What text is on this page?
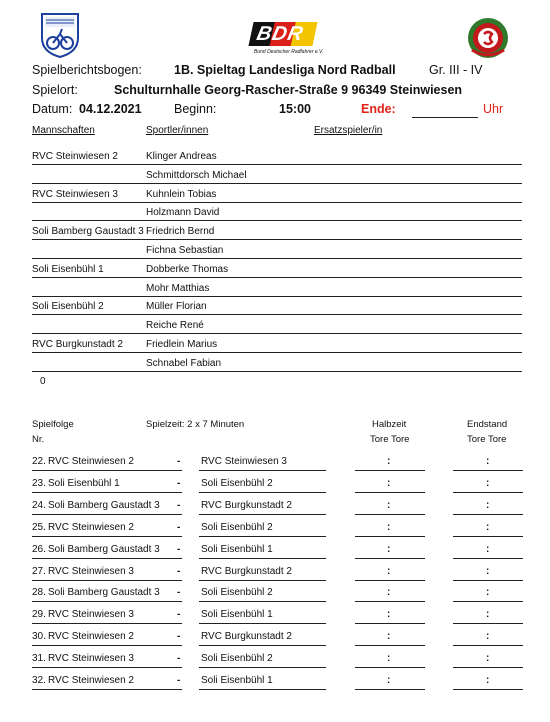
BDR
Bund Deutscher Radfahrer e.V.
Spielberichtsbogen:	1B. Spieltag Landesliga Nord Radball	Gr. III - IV
Spielort:	Schulturnhalle Georg-Rascher-Straße 9 96349 Steinwiesen
Datum: 04.12.2021	Beginn:	15:00	Ende:	Uhr
Mannschaften	Sportler/innen	Ersatzspieler/in
RVC Steinwiesen 2	Klinger Andreas
Schmittdorsch Michael
RVC Steinwiesen 3	Kuhnlein Tobias
Holzmann David
Soli Bamberg Gaustadt 3 Friedrich Bernd
Fichna Sebastian
Soli Eisenbühl 1	Dobberke Thomas
Mohr Matthias
Soli Eisenbühl 2	Müller Florian
Reiche René
RVC Burgkunstadt 2 Friedlein Marius
Schnabel Fabian
0
Spielfolge
Nr.
Spielzeit: 2 x 7 Minuten	Halbzeit
Tore Tore
Endstand
Tore Tore
22. RVC Steinwiesen 2	- RVC Steinwiesen 3	:	:
23. Soli Eisenbühl 1	- Soli Eisenbühl 2	:	:
24. Soli Bamberg Gaustadt 3 - RVC Burgkunstadt 2	:	:
25. RVC Steinwiesen 2	- Soli Eisenbühl 2	:	:
26. Soli Bamberg Gaustadt 3 - Soli Eisenbühl 1	:	:
27. RVC Steinwiesen 3	- RVC Burgkunstadt 2	:	:
28. Soli Bamberg Gaustadt 3 - Soli Eisenbühl 2	:	:
29. RVC Steinwiesen 3	- Soli Eisenbühl 1	:	:
30. RVC Steinwiesen 2	- RVC Burgkunstadt 2	:	:
31. RVC Steinwiesen 3	- Soli Eisenbühl 2	:	:
32. RVC Steinwiesen 2	- Soli Eisenbühl 1	:	:
